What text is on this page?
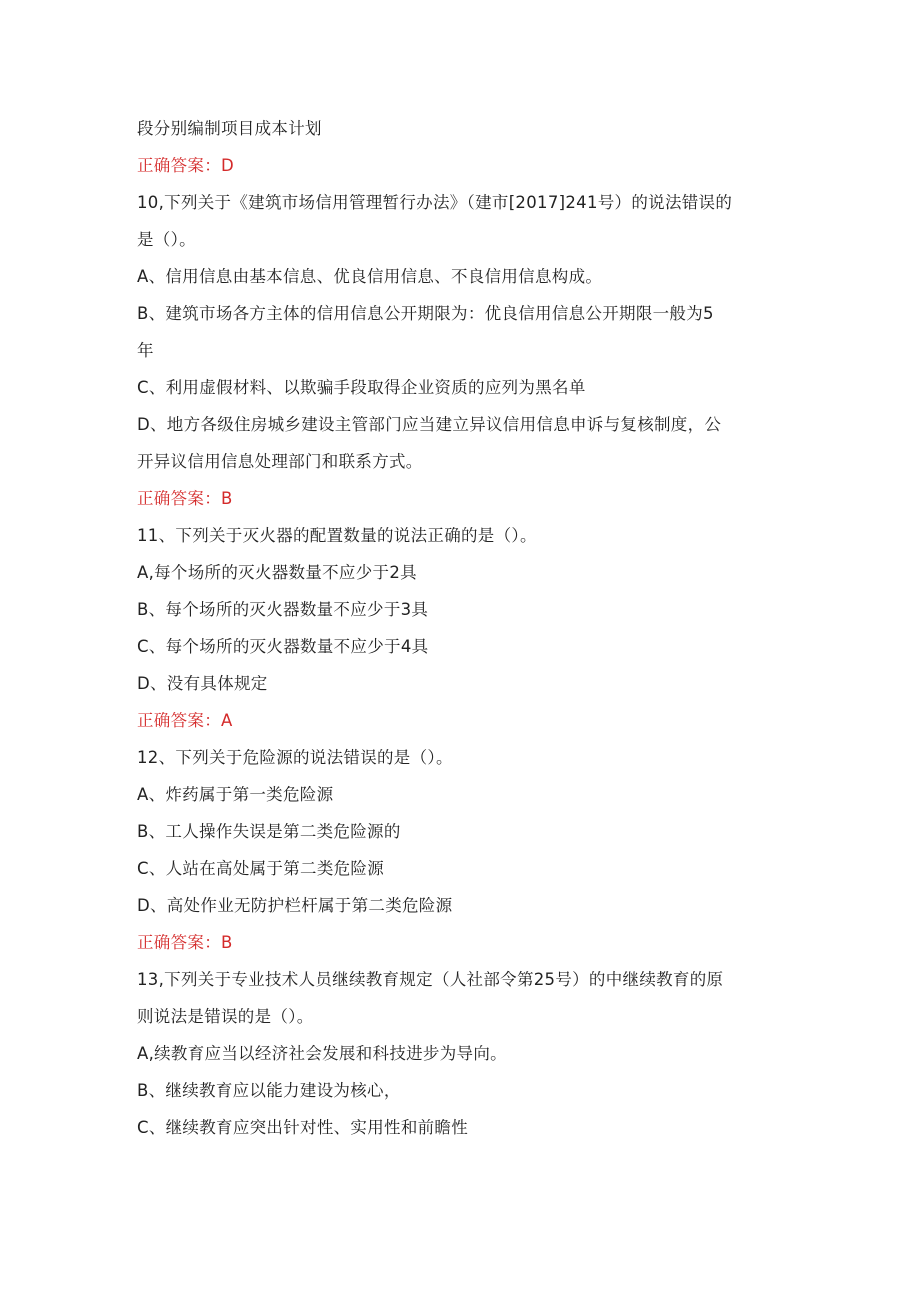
段分别编制项目成本计划
正确答案：D
10,下列关于《建筑市场信用管理暂行办法》（建市[2017]241号）的说法错误的
是（）。
A、信用信息由基本信息、优良信用信息、不良信用信息构成。
B、建筑市场各方主体的信用信息公开期限为：优良信用信息公开期限一般为5
年
C、利用虚假材料、以欺骗手段取得企业资质的应列为黑名单
D、地方各级住房城乡建设主管部门应当建立异议信用信息申诉与复核制度，公
开异议信用信息处理部门和联系方式。
正确答案：B
11、下列关于灭火器的配置数量的说法正确的是（）。
A,每个场所的灭火器数量不应少于2具
B、每个场所的灭火器数量不应少于3具
C、每个场所的灭火器数量不应少于4具
D、没有具体规定
正确答案：A
12、下列关于危险源的说法错误的是（）。
A、炸药属于第一类危险源
B、工人操作失误是第二类危险源的
C、人站在高处属于第二类危险源
D、高处作业无防护栏杆属于第二类危险源
正确答案：B
13,下列关于专业技术人员继续教育规定（人社部令第25号）的中继续教育的原
则说法是错误的是（）。
A,续教育应当以经济社会发展和科技进步为导向。
B、继续教育应以能力建设为核心，
C、继续教育应突出针对性、实用性和前瞻性
